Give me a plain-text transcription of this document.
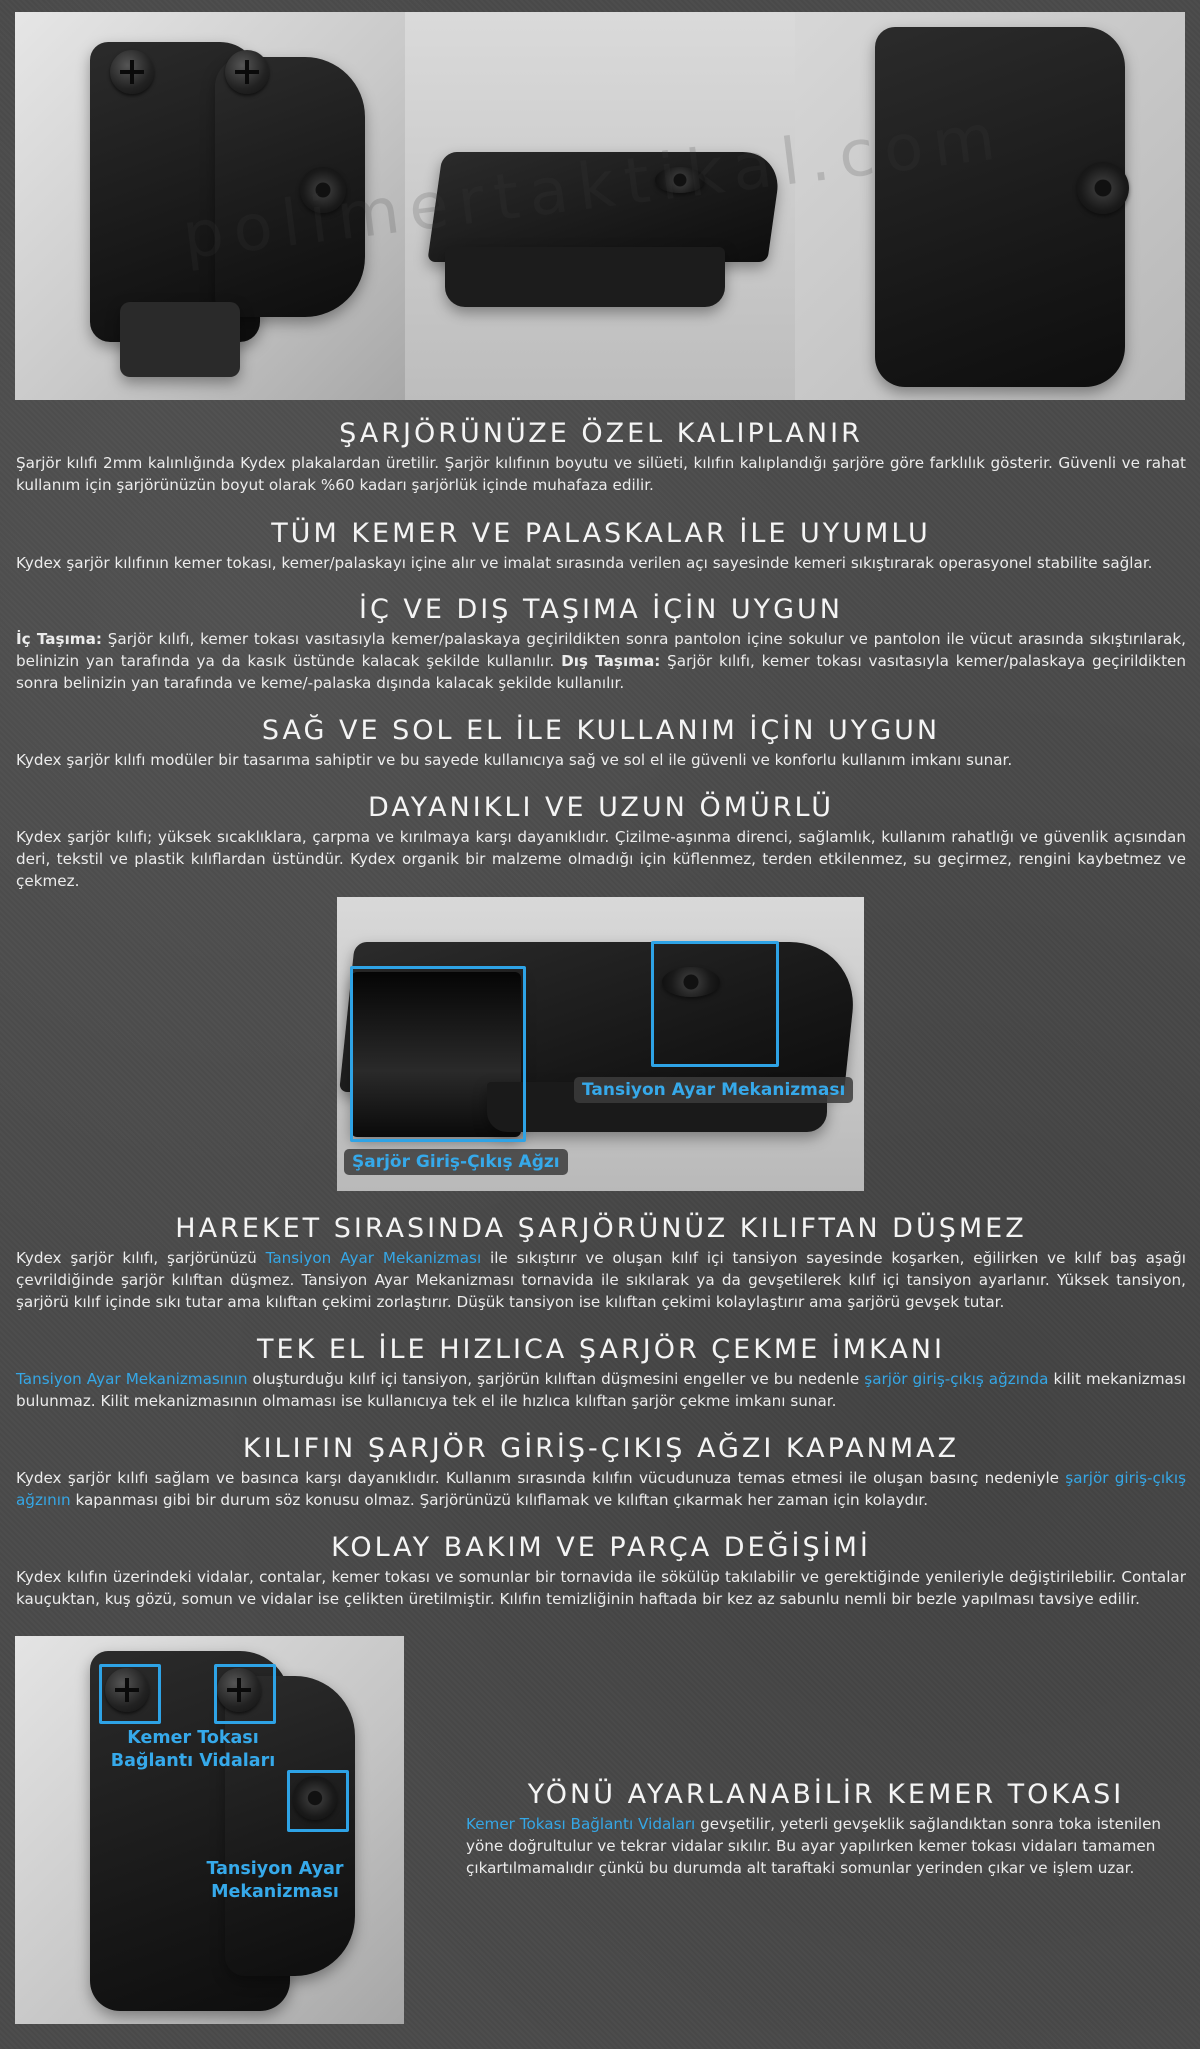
ŞARJÖRÜNÜZE ÖZEL KALIPLANIR

Şarjör kılıfı 2mm kalınlığında Kydex plakalardan üretilir. Şarjör kılıfının boyutu ve silüeti, kılıfın kalıplandığı şarjöre göre farklılık gösterir. Güvenli ve rahat kullanım için şarjörünüzün boyut olarak %60 kadarı şarjörlük içinde muhafaza edilir.

TÜM KEMER VE PALASKALAR İLE UYUMLU

Kydex şarjör kılıfının kemer tokası, kemer/palaskayı içine alır ve imalat sırasında verilen açı sayesinde kemeri sıkıştırarak operasyonel stabilite sağlar.

İÇ VE DIŞ TAŞIMA İÇİN UYGUN

İç Taşıma: Şarjör kılıfı, kemer tokası vasıtasıyla kemer/palaskaya geçirildikten sonra pantolon içine sokulur ve pantolon ile vücut arasında sıkıştırılarak, belinizin yan tarafında ya da kasık üstünde kalacak şekilde kullanılır. Dış Taşıma: Şarjör kılıfı, kemer tokası vasıtasıyla kemer/palaskaya geçirildikten sonra belinizin yan tarafında ve keme/-palaska dışında kalacak şekilde kullanılır.

SAĞ VE SOL EL İLE KULLANIM İÇİN UYGUN

Kydex şarjör kılıfı modüler bir tasarıma sahiptir ve bu sayede kullanıcıya sağ ve sol el ile güvenli ve konforlu kullanım imkanı sunar.

DAYANIKLI VE UZUN ÖMÜRLÜ

Kydex şarjör kılıfı; yüksek sıcaklıklara, çarpma ve kırılmaya karşı dayanıklıdır. Çizilme-aşınma direnci, sağlamlık, kullanım rahatlığı ve güvenlik açısından deri, tekstil ve plastik kılıflardan üstündür. Kydex organik bir malzeme olmadığı için küflenmez, terden etkilenmez, su geçirmez, rengini kaybetmez ve çekmez.

Tansiyon Ayar Mekanizması
Şarjör Giriş-Çıkış Ağzı
HAREKET SIRASINDA ŞARJÖRÜNÜZ KILIFTAN DÜŞMEZ

Kydex şarjör kılıfı, şarjörünüzü Tansiyon Ayar Mekanizması ile sıkıştırır ve oluşan kılıf içi tansiyon sayesinde koşarken, eğilirken ve kılıf baş aşağı çevrildiğinde şarjör kılıftan düşmez. Tansiyon Ayar Mekanizması tornavida ile sıkılarak ya da gevşetilerek kılıf içi tansiyon ayarlanır. Yüksek tansiyon, şarjörü kılıf içinde sıkı tutar ama kılıftan çekimi zorlaştırır. Düşük tansiyon ise kılıftan çekimi kolaylaştırır ama şarjörü gevşek tutar.

TEK EL İLE HIZLICA ŞARJÖR ÇEKME İMKANI

Tansiyon Ayar Mekanizmasının oluşturduğu kılıf içi tansiyon, şarjörün kılıftan düşmesini engeller ve bu nedenle şarjör giriş-çıkış ağzında kilit mekanizması bulunmaz. Kilit mekanizmasının olmaması ise kullanıcıya tek el ile hızlıca kılıftan şarjör çekme imkanı sunar.

KILIFIN ŞARJÖR GİRİŞ-ÇIKIŞ AĞZI KAPANMAZ

Kydex şarjör kılıfı sağlam ve basınca karşı dayanıklıdır. Kullanım sırasında kılıfın vücudunuza temas etmesi ile oluşan basınç nedeniyle şarjör giriş-çıkış ağzının kapanması gibi bir durum söz konusu olmaz. Şarjörünüzü kılıflamak ve kılıftan çıkarmak her zaman için kolaydır.

KOLAY BAKIM VE PARÇA DEĞİŞİMİ

Kydex kılıfın üzerindeki vidalar, contalar, kemer tokası ve somunlar bir tornavida ile sökülüp takılabilir ve gerektiğinde yenileriyle değiştirilebilir. Contalar kauçuktan, kuş gözü, somun ve vidalar ise çelikten üretilmiştir. Kılıfın temizliğinin haftada bir kez az sabunlu nemli bir bezle yapılması tavsiye edilir.

Kemer Tokası
Bağlantı Vidaları
Tansiyon Ayar
Mekanizması
YÖNÜ AYARLANABİLİR KEMER TOKASI

Kemer Tokası Bağlantı Vidaları gevşetilir, yeterli gevşeklik sağlandıktan sonra toka istenilen yöne doğrultulur ve tekrar vidalar sıkılır. Bu ayar yapılırken kemer tokası vidaları tamamen çıkartılmamalıdır çünkü bu durumda alt taraftaki somunlar yerinden çıkar ve işlem uzar.
